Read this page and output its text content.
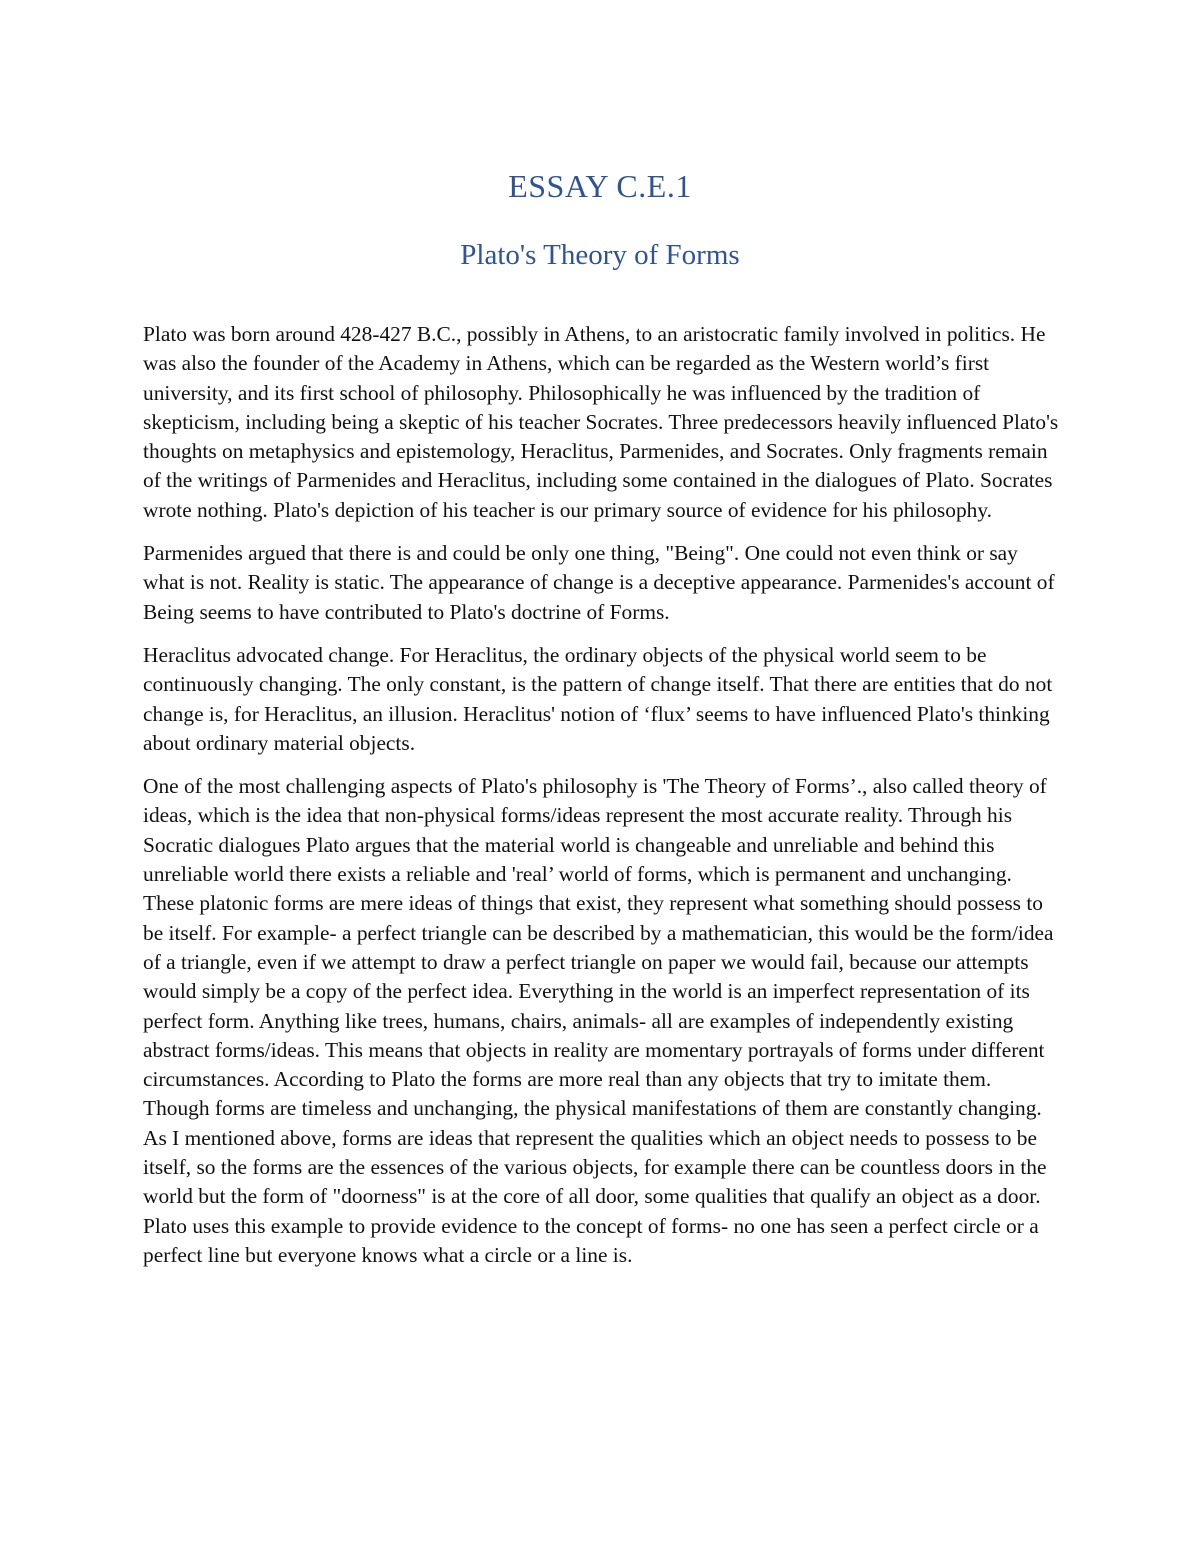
ESSAY C.E.1
Plato's Theory of Forms

Plato was born around 428-427 B.C., possibly in Athens, to an aristocratic family involved in politics. He was also the founder of the Academy in Athens, which can be regarded as the Western world’s first university, and its first school of philosophy. Philosophically he was influenced by the tradition of skepticism, including being a skeptic of his teacher Socrates. Three predecessors heavily influenced Plato's thoughts on metaphysics and epistemology, Heraclitus, Parmenides, and Socrates. Only fragments remain of the writings of Parmenides and Heraclitus, including some contained in the dialogues of Plato. Socrates wrote nothing. Plato's depiction of his teacher is our primary source of evidence for his philosophy.

Parmenides argued that there is and could be only one thing, "Being". One could not even think or say what is not. Reality is static. The appearance of change is a deceptive appearance. Parmenides's account of Being seems to have contributed to Plato's doctrine of Forms.

Heraclitus advocated change. For Heraclitus, the ordinary objects of the physical world seem to be continuously changing. The only constant, is the pattern of change itself. That there are entities that do not change is, for Heraclitus, an illusion. Heraclitus' notion of ‘flux’ seems to have influenced Plato's thinking about ordinary material objects.

One of the most challenging aspects of Plato's philosophy is 'The Theory of Forms’., also called theory of ideas, which is the idea that non-physical forms/ideas represent the most accurate reality. Through his Socratic dialogues Plato argues that the material world is changeable and unreliable and behind this unreliable world there exists a reliable and 'real’ world of forms, which is permanent and unchanging. These platonic forms are mere ideas of things that exist, they represent what something should possess to be itself. For example- a perfect triangle can be described by a mathematician, this would be the form/idea of a triangle, even if we attempt to draw a perfect triangle on paper we would fail, because our attempts would simply be a copy of the perfect idea. Everything in the world is an imperfect representation of its perfect form. Anything like trees, humans, chairs, animals- all are examples of independently existing abstract forms/ideas. This means that objects in reality are momentary portrayals of forms under different circumstances. According to Plato the forms are more real than any objects that try to imitate them. Though forms are timeless and unchanging, the physical manifestations of them are constantly changing. As I mentioned above, forms are ideas that represent the qualities which an object needs to possess to be itself, so the forms are the essences of the various objects, for example there can be countless doors in the world but the form of "doorness" is at the core of all door, some qualities that qualify an object as a door. Plato uses this example to provide evidence to the concept of forms- no one has seen a perfect circle or a perfect line but everyone knows what a circle or a line is.
